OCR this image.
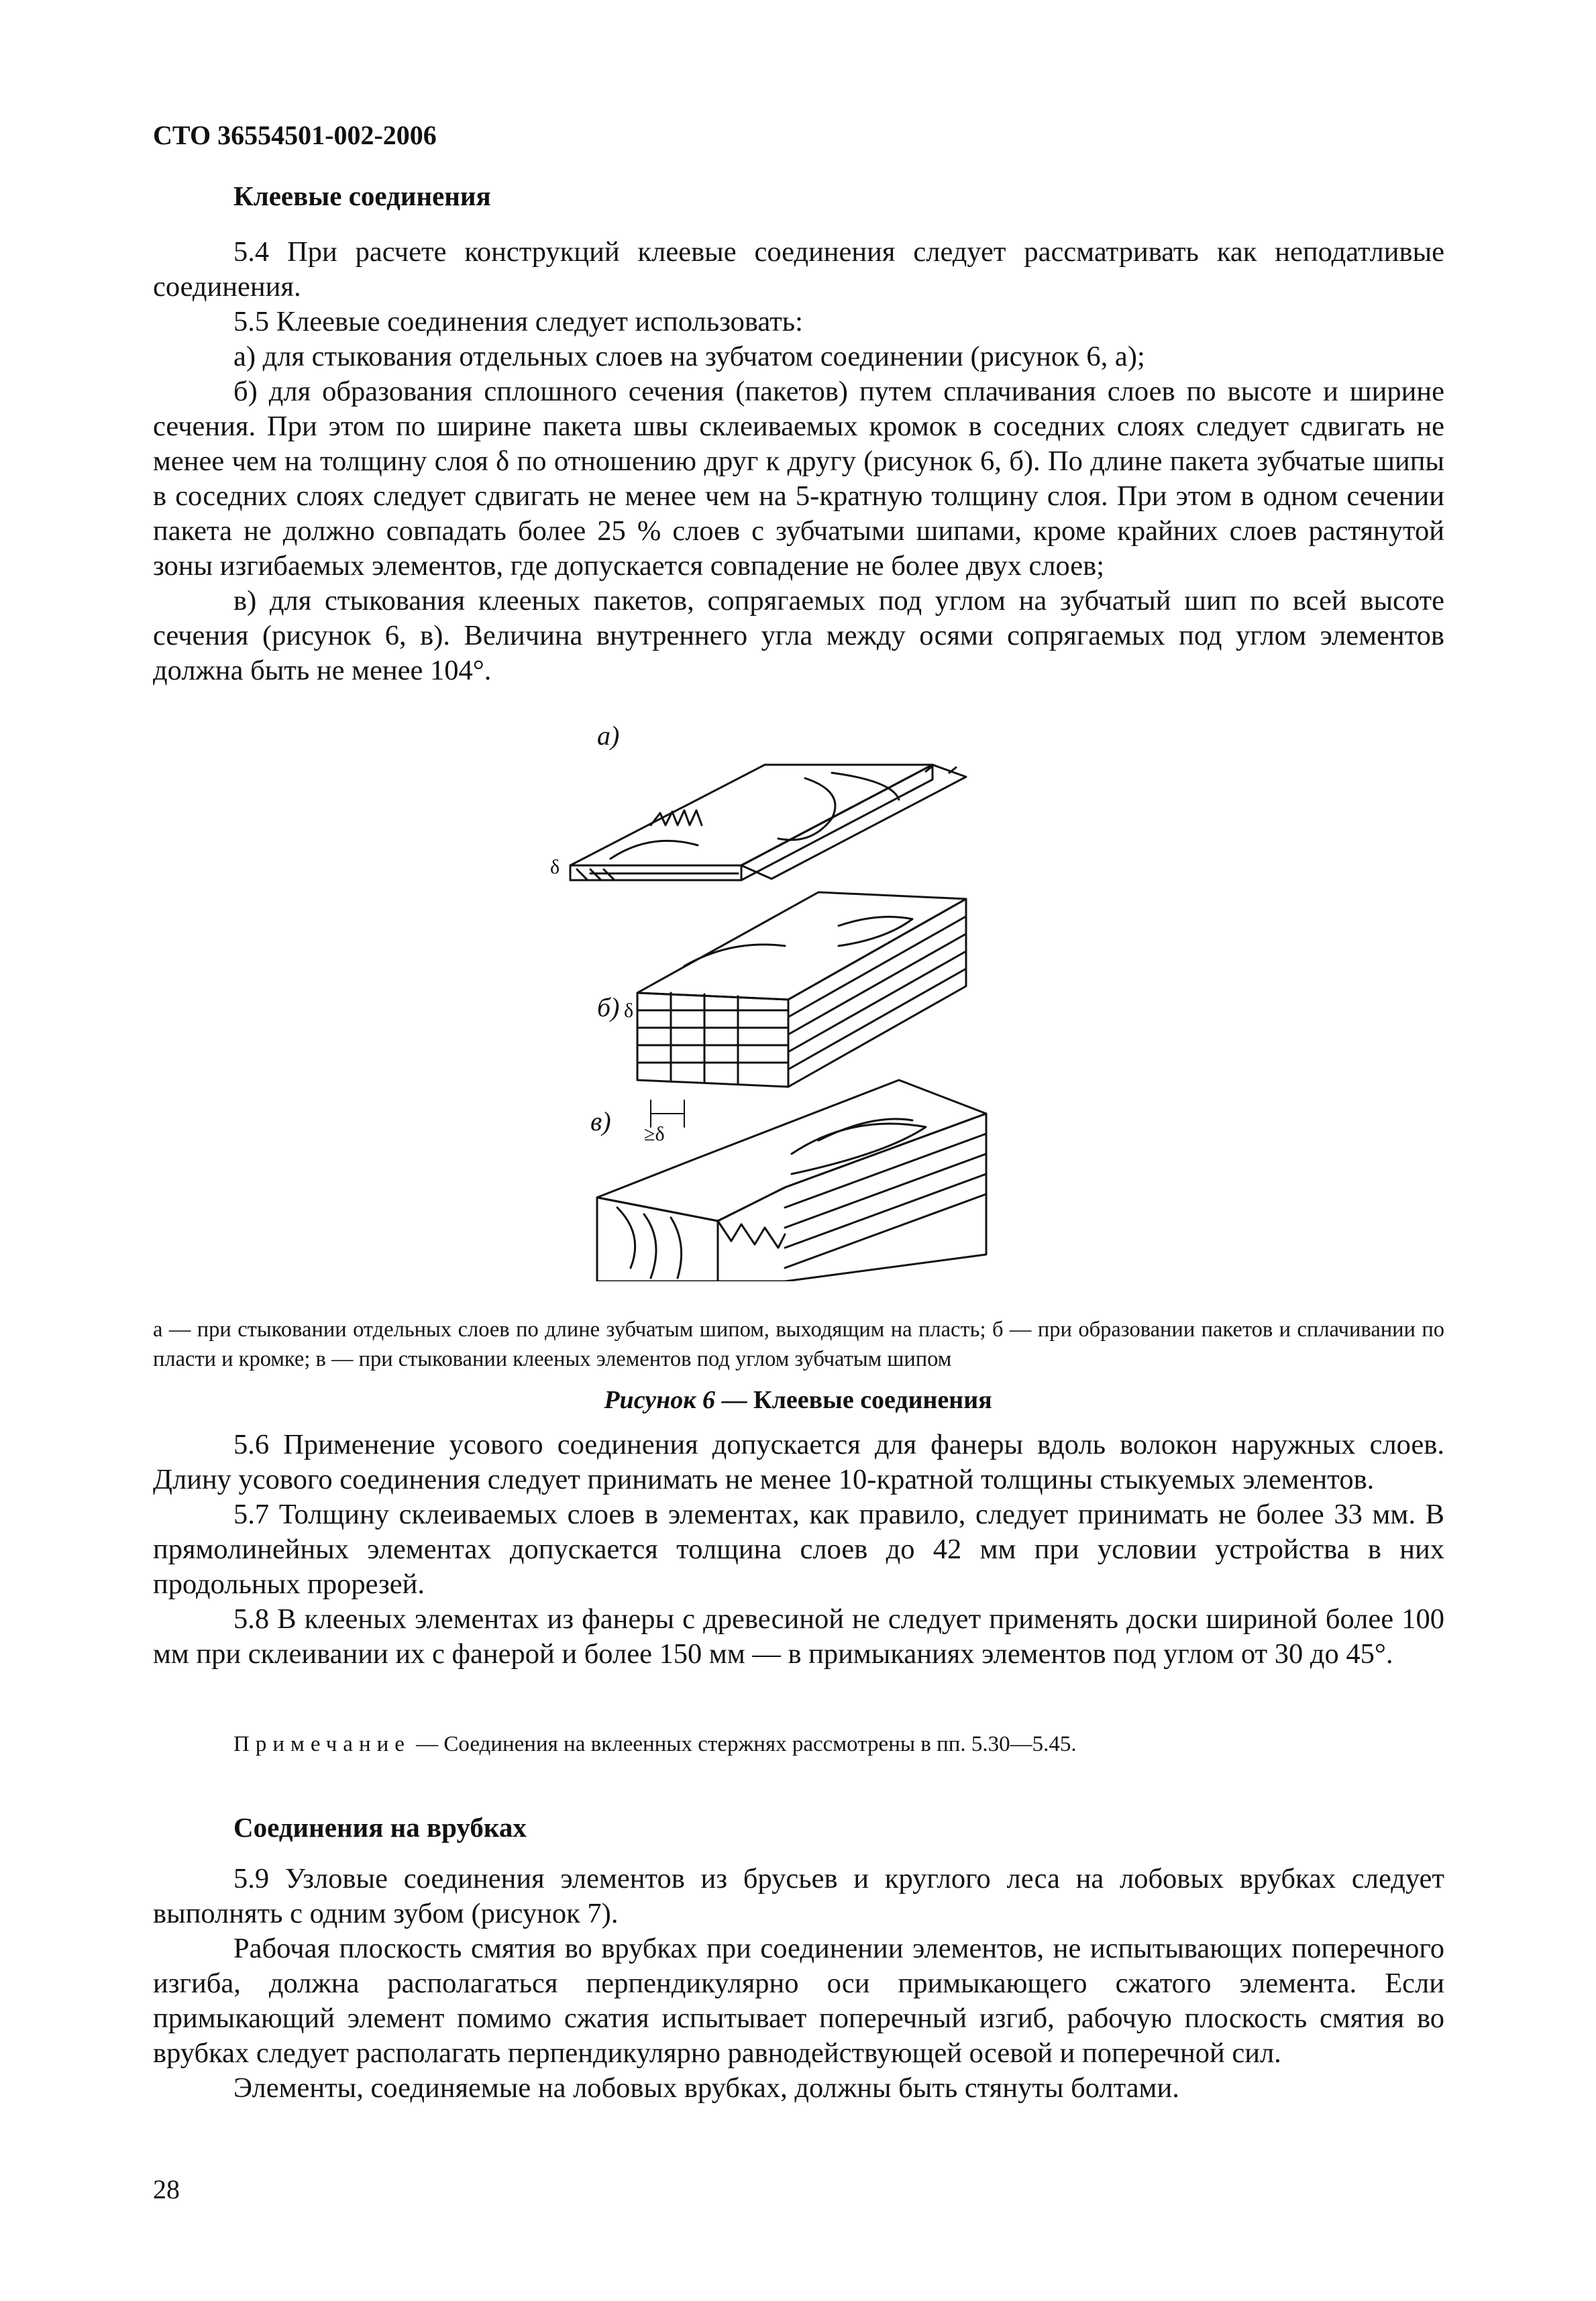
СТО 36554501-002-2006
Клеевые соединения

5.4 При расчете конструкций клеевые соединения следует рассматривать как неподатливые соединения.

5.5 Клеевые соединения следует использовать:

а) для стыкования отдельных слоев на зубчатом соединении (рисунок 6, а);

б) для образования сплошного сечения (пакетов) путем сплачивания слоев по высоте и ширине сечения. При этом по ширине пакета швы склеиваемых кромок в соседних слоях следует сдвигать не менее чем на толщину слоя δ по отношению друг к другу (рисунок 6, б). По длине пакета зубчатые шипы в соседних слоях следует сдвигать не менее чем на 5-кратную толщину слоя. При этом в одном сечении пакета не должно совпадать более 25 % слоев с зубчатыми шипами, кроме крайних слоев растянутой зоны изгибаемых элементов, где допускается совпадение не более двух слоев;

в) для стыкования клееных пакетов, сопрягаемых под углом на зубчатый шип по всей высоте сечения (рисунок 6, в). Величина внутреннего угла между осями сопрягаемых под углом элементов должна быть не менее 104°.

а)
δ
б) δ
≥δ
в)
а — при стыковании отдельных слоев по длине зубчатым шипом, выходящим на пласть; б — при образовании пакетов и сплачивании по пласти и кромке; в — при стыковании клееных элементов под углом зубчатым шипом
Рисунок 6 — Клеевые соединения

5.6 Применение усового соединения допускается для фанеры вдоль волокон наружных слоев. Длину усового соединения следует принимать не менее 10-кратной толщины стыкуемых элементов.

5.7 Толщину склеиваемых слоев в элементах, как правило, следует принимать не более 33 мм. В прямолинейных элементах допускается толщина слоев до 42 мм при условии устройства в них продольных прорезей.

5.8 В клееных элементах из фанеры с древесиной не следует применять доски шириной более 100 мм при склеивании их с фанерой и более 150 мм — в примыканиях элементов под углом от 30 до 45°.

Примечание — Соединения на вклеенных стержнях рассмотрены в пп. 5.30—5.45.
Соединения на врубках

5.9 Узловые соединения элементов из брусьев и круглого леса на лобовых врубках следует выполнять с одним зубом (рисунок 7).

Рабочая плоскость смятия во врубках при соединении элементов, не испытывающих поперечного изгиба, должна располагаться перпендикулярно оси примыкающего сжатого элемента. Если примыкающий элемент помимо сжатия испытывает поперечный изгиб, рабочую плоскость смятия во врубках следует располагать перпендикулярно равнодействующей осевой и поперечной сил.

Элементы, соединяемые на лобовых врубках, должны быть стянуты болтами.

28
